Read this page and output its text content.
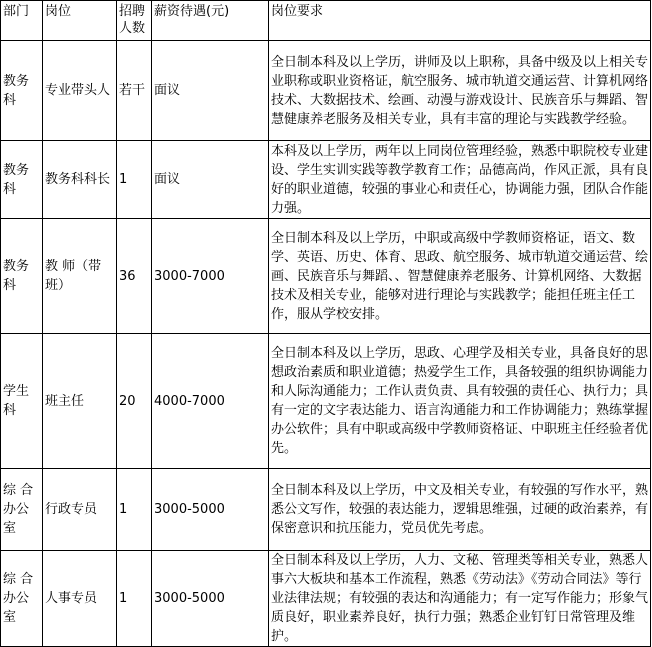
部门	岗位	招聘人数	薪资待遇(元)	岗位要求
教务科	专业带头人	若干	面议	全日制本科及以上学历，讲师及以上职称，具备中级及以上相关专业职称或职业资格证，航空服务、城市轨道交通运营、计算机网络技术、大数据技术、绘画、动漫与游戏设计、民族音乐与舞蹈、智慧健康养老服务及相关专业，具有丰富的理论与实践教学经验。
教务科	教务科科长	1	面议	本科及以上学历，两年以上同岗位管理经验，熟悉中职院校专业建设、学生实训实践等教学教育工作；品德高尚，作风正派，具有良好的职业道德，较强的事业心和责任心，协调能力强，团队合作能力强。
教务科	教 师（带班）	36	3000-7000	全日制本科及以上学历，中职或高级中学教师资格证，语文、数学、英语、历史、体育、思政、航空服务、城市轨道交通运营、绘画、民族音乐与舞蹈、、智慧健康养老服务、计算机网络、大数据技术及相关专业，能够对进行理论与实践教学；能担任班主任工作，服从学校安排。
学生科	班主任	20	4000-7000	全日制本科及以上学历，思政、心理学及相关专业，具备良好的思想政治素质和职业道德；热爱学生工作，具备较强的组织协调能力和人际沟通能力；工作认责负责、具有较强的责任心、执行力；具有一定的文字表达能力、语言沟通能力和工作协调能力；熟练掌握办公软件；具有中职或高级中学教师资格证、中职班主任经验者优先。
综 合办公室	行政专员	1	3000-5000	全日制本科及以上学历，中文及相关专业，有较强的写作水平，熟悉公文写作，较强的表达能力，逻辑思维强，过硬的政治素养，有保密意识和抗压能力，党员优先考虑。
综 合办公室	人事专员	1	3000-5000	全日制本科及以上学历，人力、文秘、管理类等相关专业，熟悉人事六大板块和基本工作流程，熟悉《劳动法》《劳动合同法》等行业法律法规；有较强的表达和沟通能力；有一定写作能力；形象气质良好，职业素养良好，执行力强；熟悉企业钉钉日常管理及维护。
